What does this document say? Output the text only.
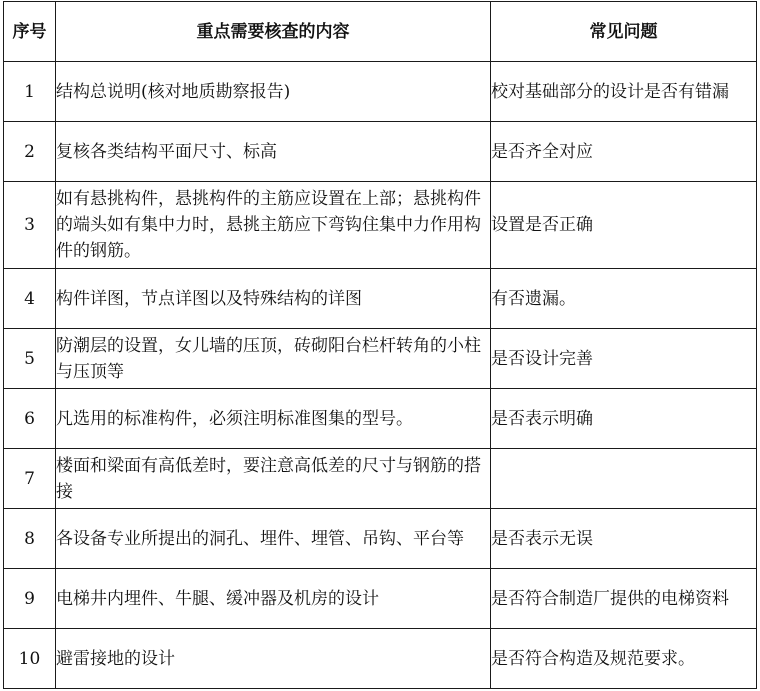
序号	重点需要核查的内容	常见问题
1	结构总说明(核对地质勘察报告)	校对基础部分的设计是否有错漏
2	复核各类结构平面尺寸、标高	是否齐全对应
3	如有悬挑构件，悬挑构件的主筋应设置在上部；悬挑构件的端头如有集中力时，悬挑主筋应下弯钩住集中力作用构件的钢筋。	设置是否正确
4	构件详图，节点详图以及特殊结构的详图	有否遗漏。
5	防潮层的设置，女儿墙的压顶，砖砌阳台栏杆转角的小柱与压顶等	是否设计完善
6	凡选用的标准构件，必须注明标准图集的型号。	是否表示明确
7	楼面和梁面有高低差时，要注意高低差的尺寸与钢筋的搭接	
8	各设备专业所提出的洞孔、埋件、埋管、吊钩、平台等	是否表示无误
9	电梯井内埋件、牛腿、缓冲器及机房的设计	是否符合制造厂提供的电梯资料
10	避雷接地的设计	是否符合构造及规范要求。
